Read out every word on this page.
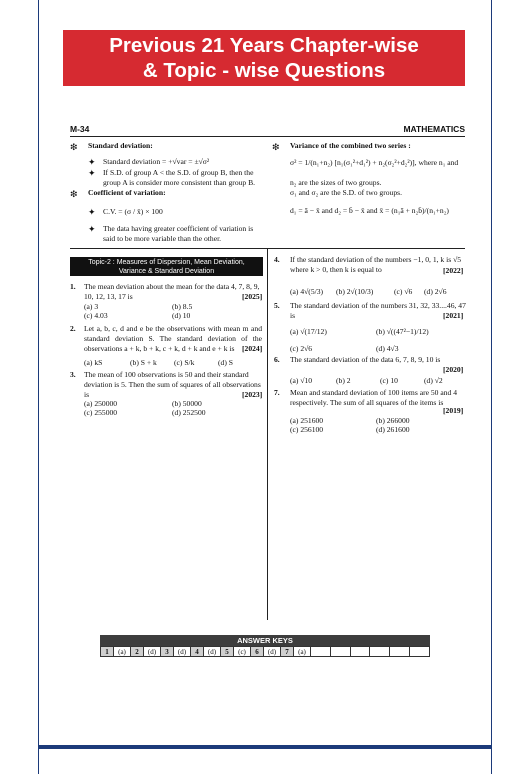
Previous 21 Years Chapter-wise
& Topic - wise Questions
M-34	MATHEMATICS
❇ Standard deviation:
✦ Standard deviation = +√var = ±√σ²
✦ If S.D. of group A < the S.D. of group B, then the group A is consider more consistent than group B.
❇ Coefficient of variation:
✦ C.V. = (σ / x̄) × 100
✦ The data having greater coefficient of variation is said to be more variable than the other.
❇ Variance of the combined two series :
σ² = 1/(n₁+n₂) [n₁(σ₁²+d₁²) + n₂(σ₂²+d₂²)], where n₁ and
n₂ are the sizes of two groups.
σ₁ and σ₂ are the S.D. of two groups.
d₁ = ā − x̄ and d₂ = b̄ − x̄ and x̄ = (n₁ā + n₂b̄)/(n₁+n₂)
Topic-2 : Measures of Dispersion, Mean Deviation, Variance & Standard Deviation
1. The mean deviation about the mean for the data 4, 7, 8, 9, 10, 12, 13, 17 is	[2025]
(a) 3	(b) 8.5
(c) 4.03	(d) 10
2. Let a, b, c, d and e be the observations with mean m and standard deviation S. The standard deviation of the observations a + k, b + k, c + k, d + k and e + k is [2024]
(a) kS	(b) S + k (c) S/k	(d) S
3. The mean of 100 observations is 50 and their standard deviation is 5. Then the sum of squares of all observations is	[2023]
(a) 250000	(b) 50000
(c) 255000	(d) 252500
4. If the standard deviation of the numbers −1, 0, 1, k is √5 where k > 0, then k is equal to	[2022]
(a) 4√(5/3) (b) 2√(10/3)	(c) √6 (d) 2√6
5. The standard deviation of the numbers 31, 32, 33....46, 47 is	[2021]
(a) √(17/12)	(b) √((47²−1)/12)
(c) 2√6	(d) 4√3
6. The standard deviation of the data 6, 7, 8, 9, 10 is
[2020]
(a) √10	(b) 2	(c) 10	(d) √2
7. Mean and standard deviation of 100 items are 50 and 4 respectively. The sum of all squares of the items is
[2019]
(a) 251600	(b) 266000
(c) 256100	(d) 261600
ANSWER KEYS
1	(a)	2	(d)	3	(d)	4	(d)	5	(c)	6	(d)	7	(a)
